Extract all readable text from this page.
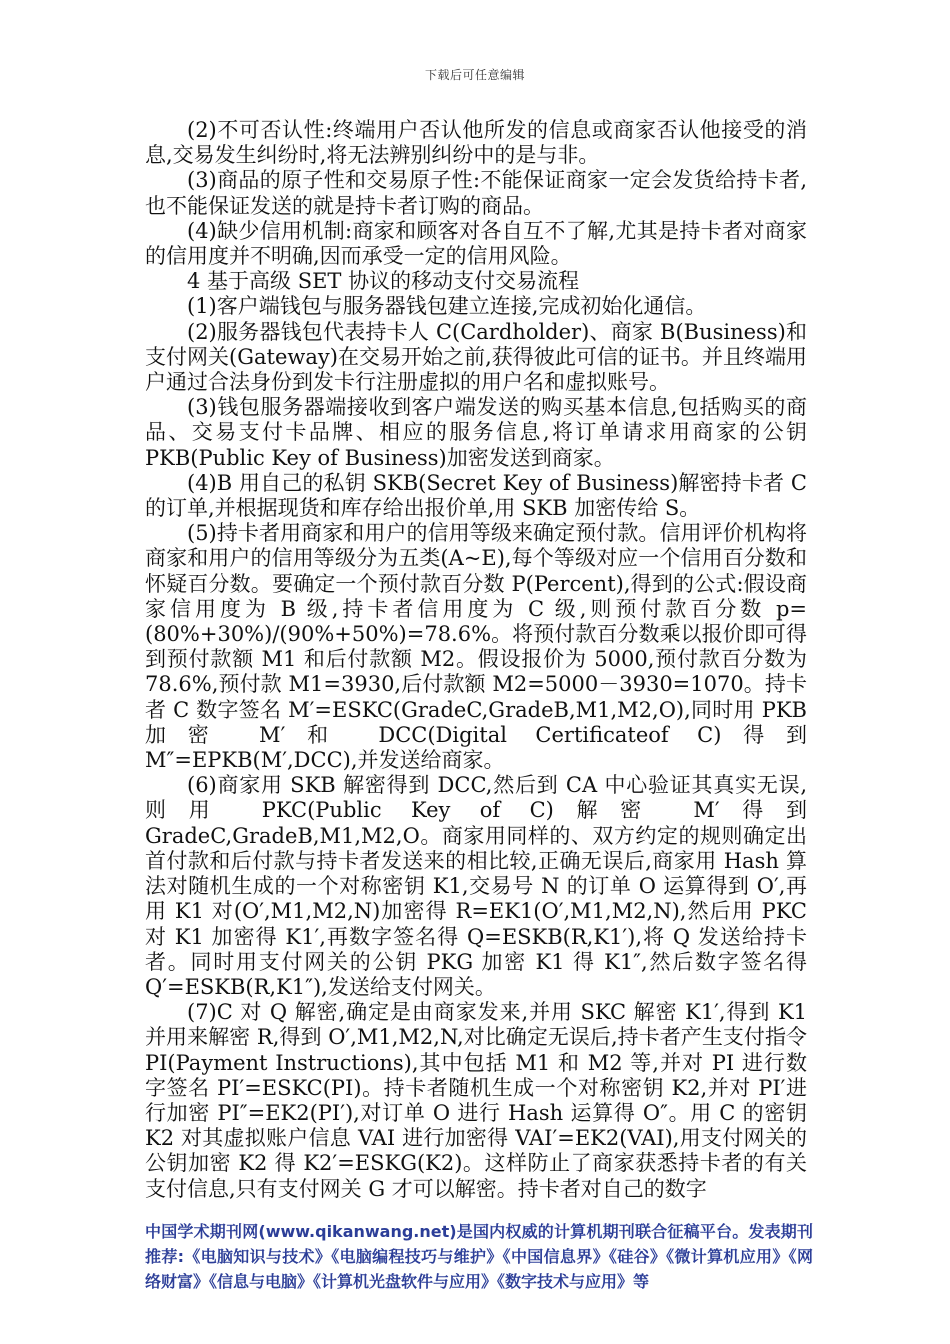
下载后可任意编辑

(2)不可否认性:终端用户否认他所发的信息或商家否认他接受的消息,交易发生纠纷时,将无法辨别纠纷中的是与非。

(3)商品的原子性和交易原子性:不能保证商家一定会发货给持卡者,也不能保证发送的就是持卡者订购的商品。

(4)缺少信用机制:商家和顾客对各自互不了解,尤其是持卡者对商家的信用度并不明确,因而承受一定的信用风险。

4 基于高级 SET 协议的移动支付交易流程

(1)客户端钱包与服务器钱包建立连接,完成初始化通信。

(2)服务器钱包代表持卡人 C(Cardholder)、商家 B(Business)和支付网关(Gateway)在交易开始之前,获得彼此可信的证书。并且终端用户通过合法身份到发卡行注册虚拟的用户名和虚拟账号。

(3)钱包服务器端接收到客户端发送的购买基本信息,包括购买的商品、交易支付卡品牌、相应的服务信息,将订单请求用商家的公钥 PKB(Public Key of Business)加密发送到商家。

(4)B 用自己的私钥 SKB(Secret Key of Business)解密持卡者 C 的订单,并根据现货和库存给出报价单,用 SKB 加密传给 S。

(5)持卡者用商家和用户的信用等级来确定预付款。信用评价机构将商家和用户的信用等级分为五类(A~E),每个等级对应一个信用百分数和怀疑百分数。要确定一个预付款百分数 P(Percent),得到的公式:假设商家信用度为 B 级,持卡者信用度为 C 级,则预付款百分数 p=(80%+30%)/(90%+50%)=78.6%。将预付款百分数乘以报价即可得到预付款额 M1 和后付款额 M2。假设报价为 5000,预付款百分数为 78.6%,预付款 M1=3930,后付款额 M2=5000－3930=1070。持卡者 C 数字签名 M′=ESKC(GradeC,GradeB,M1,M2,O),同时用 PKB 加密 M′和 DCC(Digital Certificateof C)得到 M″=EPKB(M′,DCC),并发送给商家。

(6)商家用 SKB 解密得到 DCC,然后到 CA 中心验证其真实无误,则用 PKC(Public Key of C)解密 M′得到 GradeC,GradeB,M1,M2,O。商家用同样的、双方约定的规则确定出首付款和后付款与持卡者发送来的相比较,正确无误后,商家用 Hash 算法对随机生成的一个对称密钥 K1,交易号 N 的订单 O 运算得到 O′,再用 K1 对(O′,M1,M2,N)加密得 R=EK1(O′,M1,M2,N),然后用 PKC 对 K1 加密得 K1′,再数字签名得 Q=ESKB(R,K1′),将 Q 发送给持卡者。同时用支付网关的公钥 PKG 加密 K1 得 K1″,然后数字签名得 Q′=ESKB(R,K1″),发送给支付网关。

(7)C 对 Q 解密,确定是由商家发来,并用 SKC 解密 K1′,得到 K1 并用来解密 R,得到 O′,M1,M2,N,对比确定无误后,持卡者产生支付指令 PI(Payment Instructions),其中包括 M1 和 M2 等,并对 PI 进行数字签名 PI′=ESKC(PI)。持卡者随机生成一个对称密钥 K2,并对 PI′进行加密 PI″=EK2(PI′),对订单 O 进行 Hash 运算得 O″。用 C 的密钥 K2 对其虚拟账户信息 VAI 进行加密得 VAI′=EK2(VAI),用支付网关的公钥加密 K2 得 K2′=ESKG(K2)。这样防止了商家获悉持卡者的有关支付信息,只有支付网关 G 才可以解密。持卡者对自己的数字

中国学术期刊网(www.qikanwang.net)是国内权威的计算机期刊联合征稿平台。发表期刊推荐:《电脑知识与技术》《电脑编程技巧与维护》《中国信息界》《硅谷》《微计算机应用》《网络财富》《信息与电脑》《计算机光盘软件与应用》《数字技术与应用》等
